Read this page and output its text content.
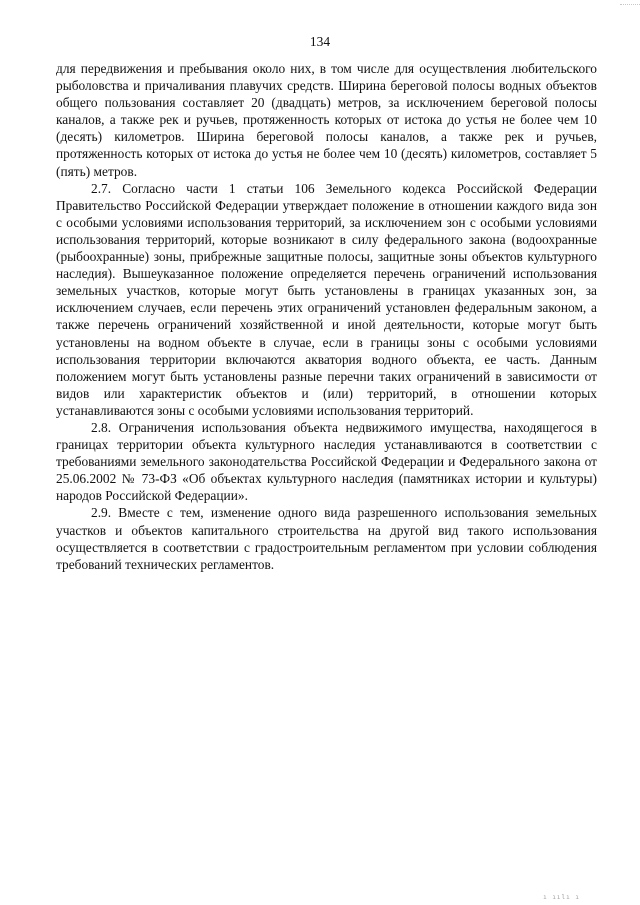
134

для передвижения и пребывания около них, в том числе для осуществления любительского рыболовства и причаливания плавучих средств. Ширина береговой полосы водных объектов общего пользования составляет 20 (двадцать) метров, за исключением береговой полосы каналов, а также рек и ручьев, протяженность которых от истока до устья не более чем 10 (десять) километров. Ширина береговой полосы каналов, а также рек и ручьев, протяженность которых от истока до устья не более чем 10 (десять) километров, составляет 5 (пять) метров.

2.7. Согласно части 1 статьи 106 Земельного кодекса Российской Федерации Правительство Российской Федерации утверждает положение в отношении каждого вида зон с особыми условиями использования территорий, за исключением зон с особыми условиями использования территорий, которые возникают в силу федерального закона (водоохранные (рыбоохранные) зоны, прибрежные защитные полосы, защитные зоны объектов культурного наследия). Вышеуказанное положение определяется перечень ограничений использования земельных участков, которые могут быть установлены в границах указанных зон, за исключением случаев, если перечень этих ограничений установлен федеральным законом, а также перечень ограничений хозяйственной и иной деятельности, которые могут быть установлены на водном объекте в случае, если в границы зоны с особыми условиями использования территории включаются акватория водного объекта, ее часть. Данным положением могут быть установлены разные перечни таких ограничений в зависимости от видов или характеристик объектов и (или) территорий, в отношении которых устанавливаются зоны с особыми условиями использования территорий.

2.8. Ограничения использования объекта недвижимого имущества, находящегося в границах территории объекта культурного наследия устанавливаются в соответствии с требованиями земельного законодательства Российской Федерации и Федерального закона от 25.06.2002 № 73-ФЗ «Об объектах культурного наследия (памятниках истории и культуры) народов Российской Федерации».

2.9. Вместе с тем, изменение одного вида разрешенного использования земельных участков и объектов капитального строительства на другой вид такого использования осуществляется в соответствии с градостроительным регламентом при условии соблюдения требований технических регламентов.

ı ıılı ı
